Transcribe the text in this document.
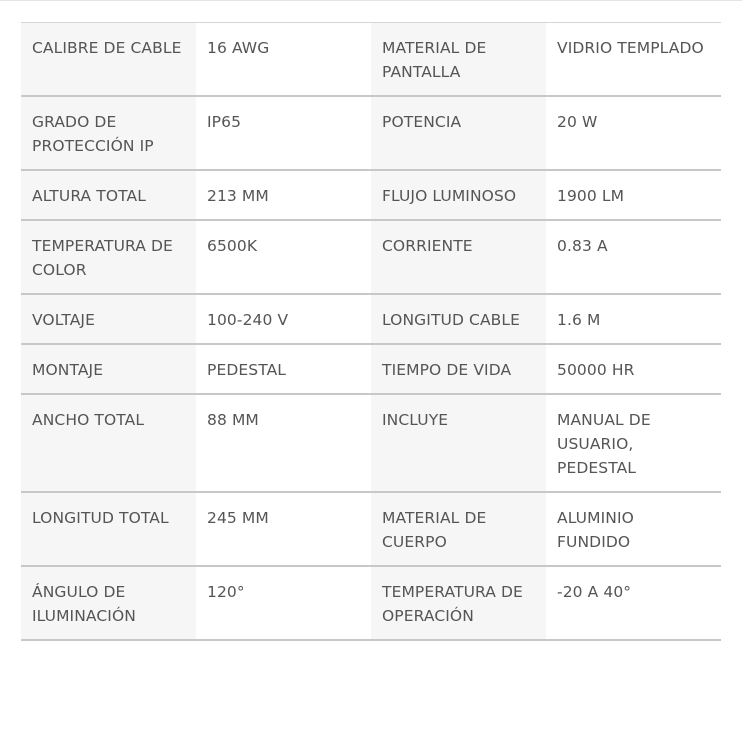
CALIBRE DE CABLE	16 AWG	MATERIAL DE PANTALLA	VIDRIO TEMPLADO
GRADO DE PROTECCIÓN IP	IP65	POTENCIA	20 W
ALTURA TOTAL	213 MM	FLUJO LUMINOSO	1900 LM
TEMPERATURA DE COLOR	6500K	CORRIENTE	0.83 A
VOLTAJE	100-240 V	LONGITUD CABLE	1.6 M
MONTAJE	PEDESTAL	TIEMPO DE VIDA	50000 HR
ANCHO TOTAL	88 MM	INCLUYE	MANUAL DE USUARIO, PEDESTAL
LONGITUD TOTAL	245 MM	MATERIAL DE CUERPO	ALUMINIO FUNDIDO
ÁNGULO DE ILUMINACIÓN	120°	TEMPERATURA DE OPERACIÓN	-20 A 40°
